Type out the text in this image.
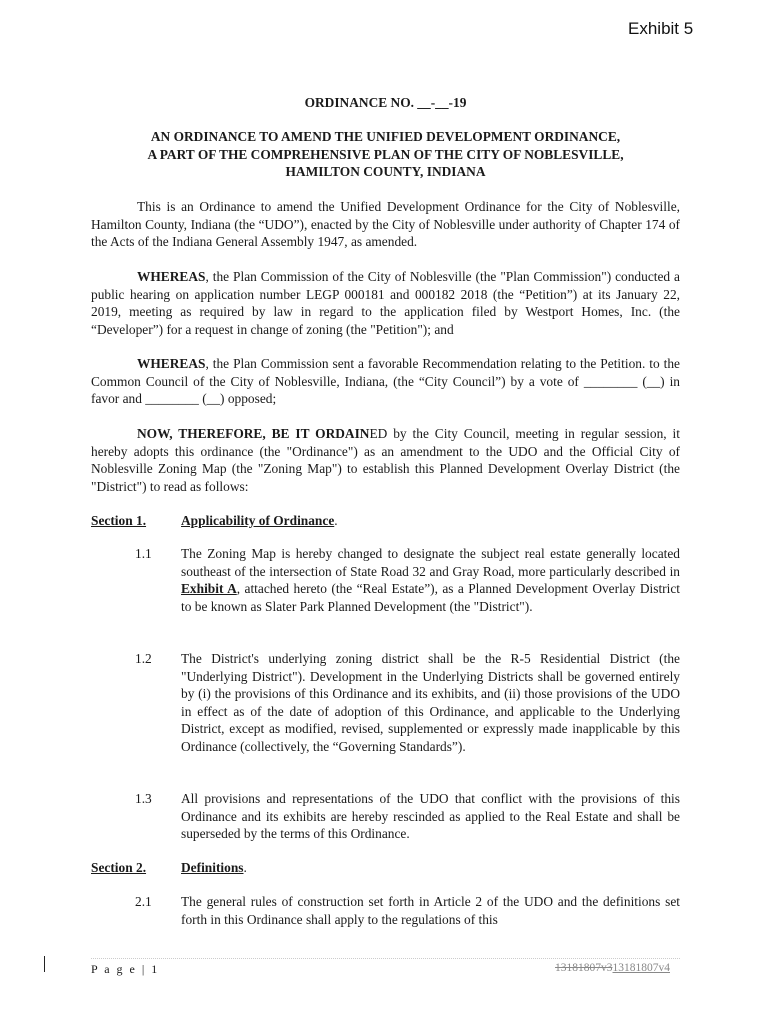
Exhibit 5
ORDINANCE NO. __-__-19
AN ORDINANCE TO AMEND THE UNIFIED DEVELOPMENT ORDINANCE,
A PART OF THE COMPREHENSIVE PLAN OF THE CITY OF NOBLESVILLE,
HAMILTON COUNTY, INDIANA

This is an Ordinance to amend the Unified Development Ordinance for the City of Noblesville, Hamilton County, Indiana (the “UDO”), enacted by the City of Noblesville under authority of Chapter 174 of the Acts of the Indiana General Assembly 1947, as amended.

WHEREAS, the Plan Commission of the City of Noblesville (the "Plan Commission") conducted a public hearing on application number LEGP 000181 and 000182 2018 (the “Petition”) at its January 22, 2019, meeting as required by law in regard to the application filed by Westport Homes, Inc. (the “Developer”) for a request in change of zoning (the "Petition"); and

WHEREAS, the Plan Commission sent a favorable Recommendation relating to the Petition. to the Common Council of the City of Noblesville, Indiana, (the “City Council”) by a vote of ________ (__) in favor and ________ (__) opposed;

NOW, THEREFORE, BE IT ORDAINED by the City Council, meeting in regular session, it hereby adopts this ordinance (the "Ordinance") as an amendment to the UDO and the Official City of Noblesville Zoning Map (the "Zoning Map") to establish this Planned Development Overlay District (the "District") to read as follows:

Section 1.	Applicability of Ordinance.
1.1 The Zoning Map is hereby changed to designate the subject real estate generally located southeast of the intersection of State Road 32 and Gray Road, more particularly described in Exhibit A, attached hereto (the “Real Estate”), as a Planned Development Overlay District to be known as Slater Park Planned Development (the "District").

1.2 The District's underlying zoning district shall be the R-5 Residential District (the "Underlying District"). Development in the Underlying Districts shall be governed entirely by (i) the provisions of this Ordinance and its exhibits, and (ii) those provisions of the UDO in effect as of the date of adoption of this Ordinance, and applicable to the Underlying District, except as modified, revised, supplemented or expressly made inapplicable by this Ordinance (collectively, the “Governing Standards”).

1.3 All provisions and representations of the UDO that conflict with the provisions of this Ordinance and its exhibits are hereby rescinded as applied to the Real Estate and shall be superseded by the terms of this Ordinance.

Section 2.	Definitions.
2.1 The general rules of construction set forth in Article 2 of the UDO and the definitions set forth in this Ordinance shall apply to the regulations of this

P a g e | 1	13181807v313181807v4
